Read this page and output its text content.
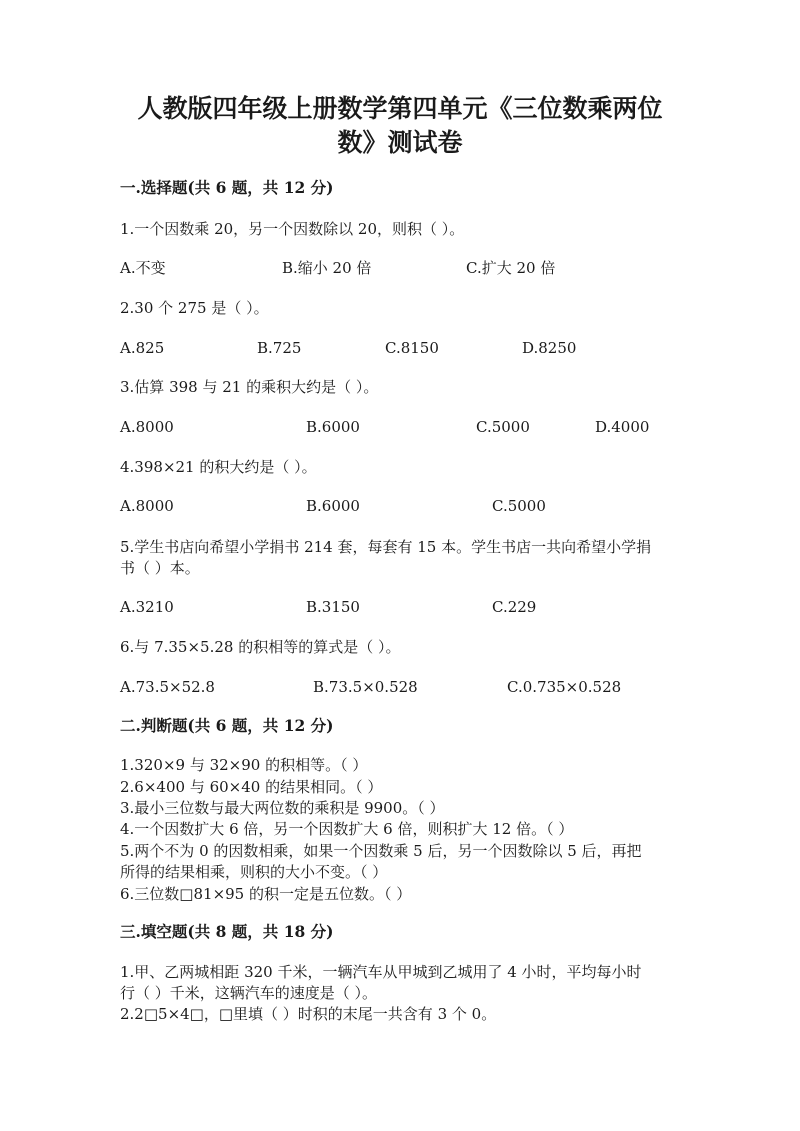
人教版四年级上册数学第四单元《三位数乘两位
数》测试卷
一.选择题(共 6 题，共 12 分)
1.一个因数乘 20，另一个因数除以 20，则积（ ）。
A.不变	B.缩小 20 倍	C.扩大 20 倍
2.30 个 275 是（ ）。
A.825	B.725	C.8150	D.8250
3.估算 398 与 21 的乘积大约是（ ）。
A.8000	B.6000	C.5000	D.4000
4.398×21 的积大约是（ ）。
A.8000	B.6000	C.5000
5.学生书店向希望小学捐书 214 套，每套有 15 本。学生书店一共向希望小学捐
书（ ）本。
A.3210	B.3150	C.229
6.与 7.35×5.28 的积相等的算式是（ ）。
A.73.5×52.8	B.73.5×0.528	C.0.735×0.528
二.判断题(共 6 题，共 12 分)
1.320×9 与 32×90 的积相等。（ ）
2.6×400 与 60×40 的结果相同。（ ）
3.最小三位数与最大两位数的乘积是 9900。（ ）
4.一个因数扩大 6 倍，另一个因数扩大 6 倍，则积扩大 12 倍。（ ）
5.两个不为 0 的因数相乘，如果一个因数乘 5 后，另一个因数除以 5 后，再把
所得的结果相乘，则积的大小不变。（ ）
6.三位数□81×95 的积一定是五位数。（ ）
三.填空题(共 8 题，共 18 分)
1.甲、乙两城相距 320 千米，一辆汽车从甲城到乙城用了 4 小时，平均每小时
行（ ）千米，这辆汽车的速度是（ ）。
2.2□5×4□，□里填（ ）时积的末尾一共含有 3 个 0。
